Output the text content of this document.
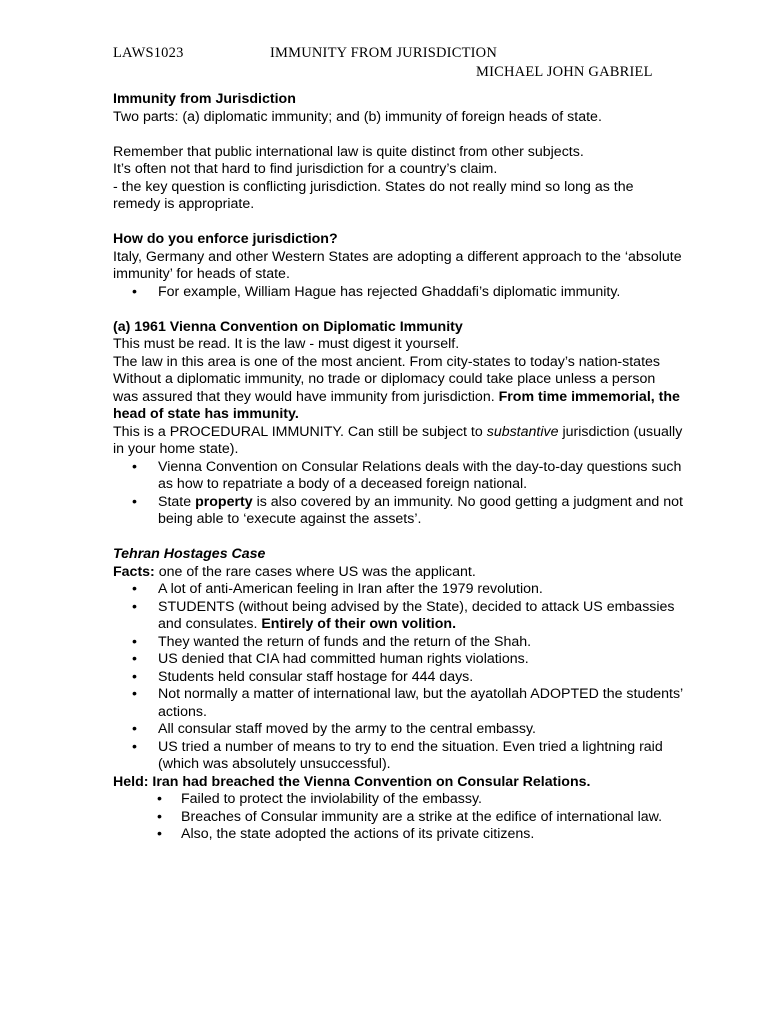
LAWS1023	IMMUNITY FROM JURISDICTION
MICHAEL JOHN GABRIEL

Immunity from Jurisdiction

Two parts: (a) diplomatic immunity; and (b) immunity of foreign heads of state.

Remember that public international law is quite distinct from other subjects.

It’s often not that hard to find jurisdiction for a country’s claim.

- the key question is conflicting jurisdiction. States do not really mind so long as the remedy is appropriate.

How do you enforce jurisdiction?

Italy, Germany and other Western States are adopting a different approach to the ‘absolute immunity’ for heads of state.

• For example, William Hague has rejected Ghaddafi’s diplomatic immunity.

(a) 1961 Vienna Convention on Diplomatic Immunity

This must be read. It is the law - must digest it yourself.

The law in this area is one of the most ancient. From city-states to today’s nation-states

Without a diplomatic immunity, no trade or diplomacy could take place unless a person was assured that they would have immunity from jurisdiction. From time immemorial, the head of state has immunity.

This is a PROCEDURAL IMMUNITY. Can still be subject to substantive jurisdiction (usually in your home state).

• Vienna Convention on Consular Relations deals with the day-to-day questions such as how to repatriate a body of a deceased foreign national.
• State property is also covered by an immunity. No good getting a judgment and not being able to ‘execute against the assets’.

Tehran Hostages Case

Facts: one of the rare cases where US was the applicant.

• A lot of anti-American feeling in Iran after the 1979 revolution.
• STUDENTS (without being advised by the State), decided to attack US embassies and consulates. Entirely of their own volition.
• They wanted the return of funds and the return of the Shah.
• US denied that CIA had committed human rights violations.
• Students held consular staff hostage for 444 days.
• Not normally a matter of international law, but the ayatollah ADOPTED the students’ actions.
• All consular staff moved by the army to the central embassy.
• US tried a number of means to try to end the situation. Even tried a lightning raid (which was absolutely unsuccessful).

Held: Iran had breached the Vienna Convention on Consular Relations.

• Failed to protect the inviolability of the embassy.
• Breaches of Consular immunity are a strike at the edifice of international law.
• Also, the state adopted the actions of its private citizens.
